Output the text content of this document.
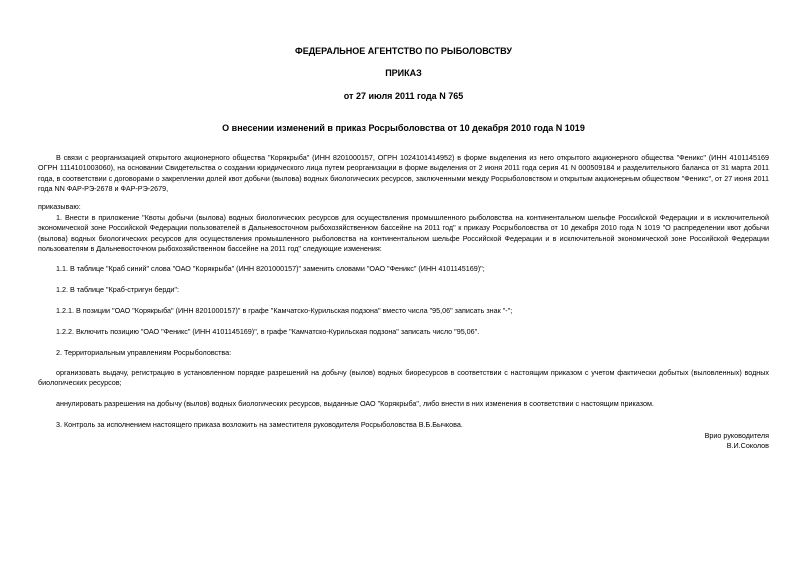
ФЕДЕРАЛЬНОЕ АГЕНТСТВО ПО РЫБОЛОВСТВУ
ПРИКАЗ
от 27 июля 2011 года N 765
О внесении изменений в приказ Росрыболовства от 10 декабря 2010 года N 1019
В связи с реорганизацией открытого акционерного общества "Корякрыба" (ИНН 8201000157, ОГРН 1024101414952) в форме выделения из него открытого акционерного общества "Феникс" (ИНН 4101145169 ОГРН 1114101003060), на основании Свидетельства о создании юридического лица путем реорганизации в форме выделения от 2 июня 2011 года серия 41 N 000509184 и разделительного баланса от 31 марта 2011 года, в соответствии с договорами о закреплении долей квот добычи (вылова) водных биологических ресурсов, заключенными между Росрыболовством и открытым акционерным обществом "Феникс", от 27 июня 2011 года NN ФАР-РЭ-2678 и ФАР-РЭ-2679,
приказываю:
1. Внести в приложение "Квоты добычи (вылова) водных биологических ресурсов для осуществления промышленного рыболовства на континентальном шельфе Российской Федерации и в исключительной экономической зоне Российской Федерации пользователей в Дальневосточном рыбохозяйственном бассейне на 2011 год" к приказу Росрыболовства от 10 декабря 2010 года N 1019 "О распределении квот добычи (вылова) водных биологических ресурсов для осуществления промышленного рыболовства на континентальном шельфе Российской Федерации и в исключительной экономической зоне Российской Федерации пользователям в Дальневосточном рыбохозяйственном бассейне на 2011 год" следующие изменения:
1.1. В таблице "Краб синий" слова "ОАО "Корякрыба" (ИНН 8201000157)" заменить словами "ОАО "Феникс" (ИНН 4101145169)";
1.2. В таблице "Краб-стригун берди":
1.2.1. В позиции "ОАО "Корякрыба" (ИНН 8201000157)" в графе "Камчатско-Курильская подзона" вместо числа "95,06" записать знак "-";
1.2.2. Включить позицию "ОАО "Феникс" (ИНН 4101145169)", в графе "Камчатско-Курильская подзона" записать число "95,06".
2. Территориальным управлениям Росрыболовства:
организовать выдачу, регистрацию в установленном порядке разрешений на добычу (вылов) водных биоресурсов в соответствии с настоящим приказом с учетом фактически добытых (выловленных) водных биологических ресурсов;
аннулировать разрешения на добычу (вылов) водных биологических ресурсов, выданные ОАО "Корякрыба", либо внести в них изменения в соответствии с настоящим приказом.
3. Контроль за исполнением настоящего приказа возложить на заместителя руководителя Росрыболовства В.Б.Бычкова.
Врио руководителя
В.И.Соколов
